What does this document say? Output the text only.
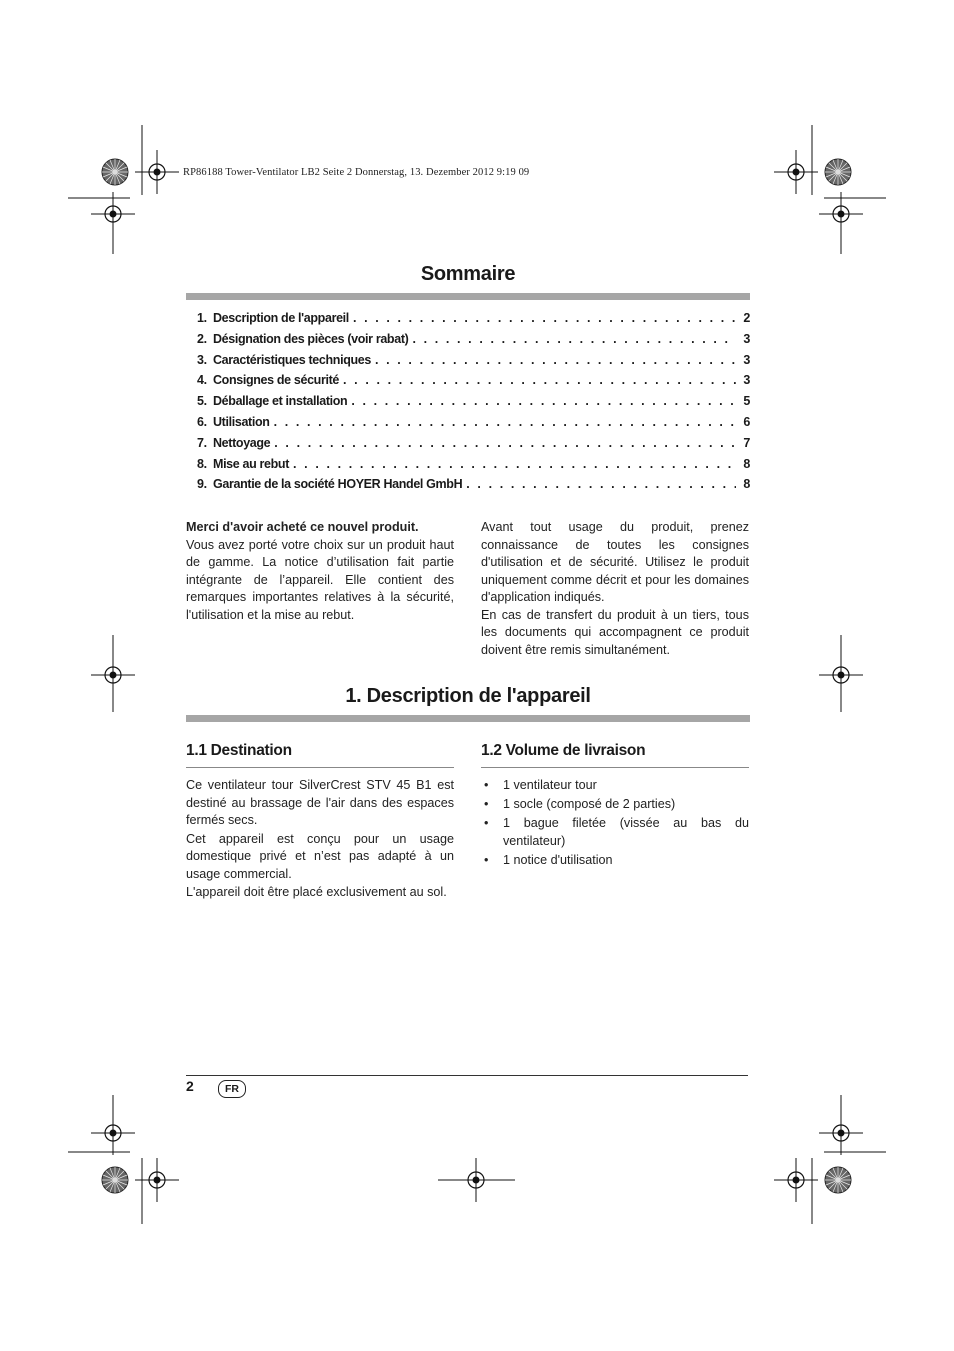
RP86188 Tower-Ventilator LB2 Seite 2 Donnerstag, 13. Dezember 2012 9:19 09
Sommaire
1. Description de l'appareil . . .	2
2. Désignation des pièces (voir rabat) . . .	3
3. Caractéristiques techniques . . .	3
4. Consignes de sécurité . . .	3
5. Déballage et installation . . .	5
6. Utilisation . . .	6
7. Nettoyage . . .	7
8. Mise au rebut . . .	8
9. Garantie de la société HOYER Handel GmbH . . .	8

Merci d'avoir acheté ce nouvel produit.

Vous avez porté votre choix sur un produit haut de gamme. La notice d’utilisation fait partie intégrante de l’appareil. Elle contient des remarques importantes relatives à la sécurité, l'utilisation et la mise au rebut.

Avant tout usage du produit, prenez connaissance de toutes les consignes d'utilisation et de sécurité. Utilisez le produit uniquement comme décrit et pour les domaines d'application indiqués.

En cas de transfert du produit à un tiers, tous les documents qui accompagnent ce produit doivent être remis simultanément.

1. Description de l'appareil
1.1 Destination

Ce ventilateur tour SilverCrest STV 45 B1 est destiné au brassage de l'air dans des espaces fermés secs.

Cet appareil est conçu pour un usage domestique privé et n’est pas adapté à un usage commercial.

L'appareil doit être placé exclusivement au sol.

1.2 Volume de livraison
• 1 ventilateur tour
• 1 socle (composé de 2 parties)
• 1 bague filetée (vissée au bas du ventilateur)
• 1 notice d'utilisation
2	FR
